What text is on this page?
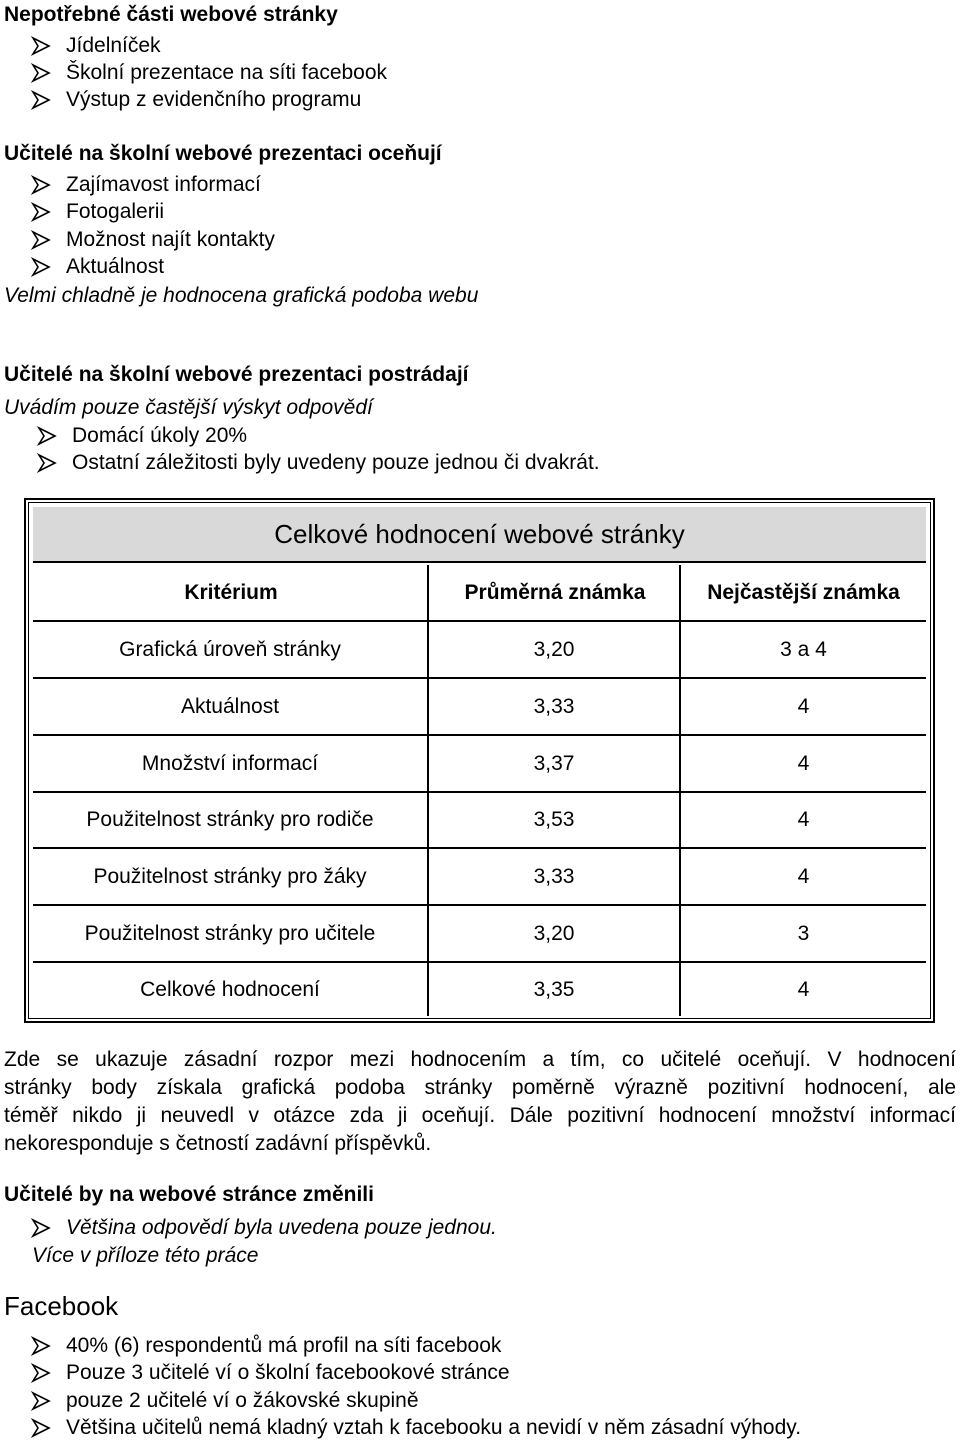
Nepotřebné části webové stránky
Jídelníček
Školní prezentace na síti facebook
Výstup z evidenčního programu
Učitelé na školní webové prezentaci oceňují
Zajímavost informací
Fotogalerii
Možnost najít kontakty
Aktuálnost
Velmi chladně je hodnocena grafická podoba webu
Učitelé na školní webové prezentaci postrádají
Uvádím pouze častější výskyt odpovědí
Domácí úkoly 20%
Ostatní záležitosti byly uvedeny pouze jednou či dvakrát.
Celkové hodnocení webové stránky
Kritérium	Průměrná známka	Nejčastější známka
Grafická úroveň stránky	3,20	3 a 4
Aktuálnost	3,33	4
Množství informací	3,37	4
Použitelnost stránky pro rodiče	3,53	4
Použitelnost stránky pro žáky	3,33	4
Použitelnost stránky pro učitele	3,20	3
Celkové hodnocení	3,35	4
Zde se ukazuje zásadní rozpor mezi hodnocením a tím, co učitelé oceňují. V hodnocení
stránky body získala grafická podoba stránky poměrně výrazně pozitivní hodnocení, ale
téměř nikdo ji neuvedl v otázce zda ji oceňují. Dále pozitivní hodnocení množství informací
nekoresponduje s četností zadávní příspěvků.
Učitelé by na webové stránce změnili
Většina odpovědí byla uvedena pouze jednou.
Více v příloze této práce
Facebook
40% (6) respondentů má profil na síti facebook
Pouze 3 učitelé ví o školní facebookové stránce
pouze 2 učitelé ví o žákovské skupině
Většina učitelů nemá kladný vztah k facebooku a nevidí v něm zásadní výhody.
